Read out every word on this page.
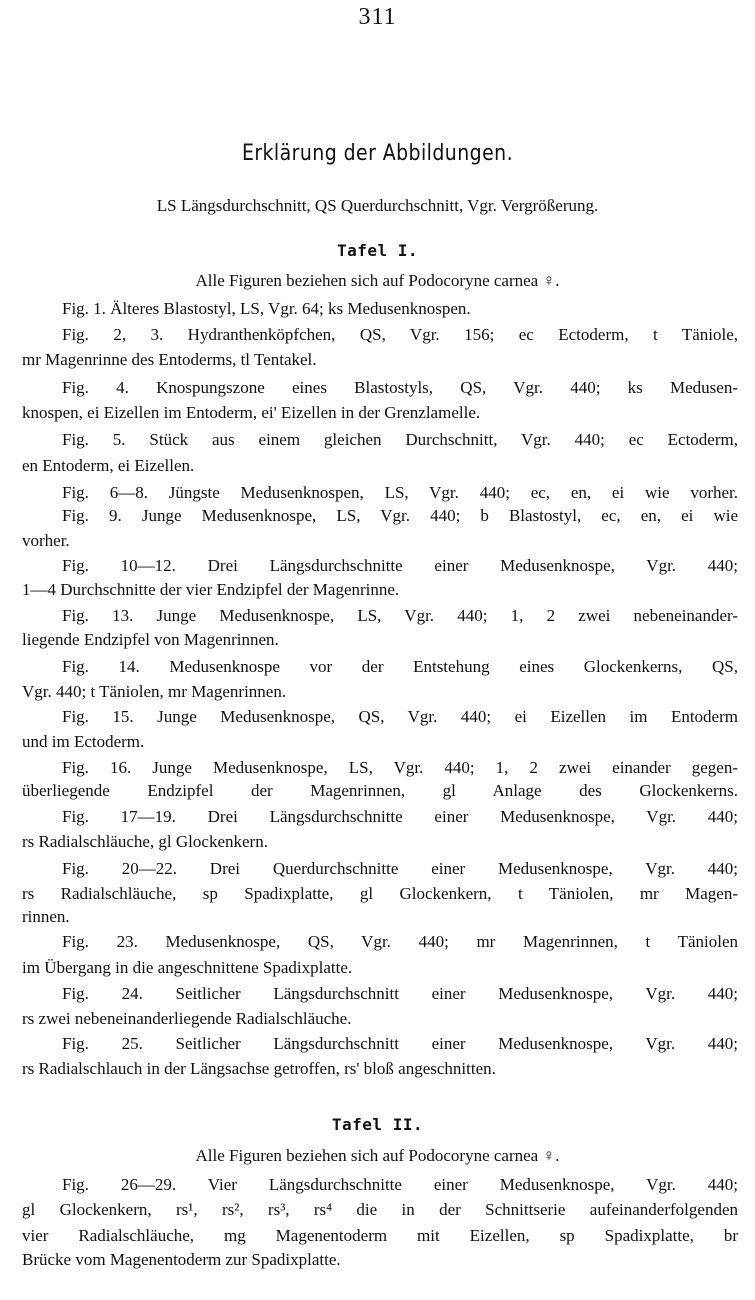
311
Erklärung der Abbildungen.
LS Längsdurchschnitt, QS Querdurchschnitt, Vgr. Vergrößerung.
Tafel I.
Alle Figuren beziehen sich auf Podocoryne carnea ♀.
Fig. 1. Älteres Blastostyl, LS, Vgr. 64; ks Medusenknospen.
Fig. 2, 3. Hydranthenköpfchen, QS, Vgr. 156; ec Ectoderm, t Täniole,
mr Magenrinne des Entoderms, tl Tentakel.
Fig. 4. Knospungszone eines Blastostyls, QS, Vgr. 440; ks Medusen-
knospen, ei Eizellen im Entoderm, ei' Eizellen in der Grenzlamelle.
Fig. 5. Stück aus einem gleichen Durchschnitt, Vgr. 440; ec Ectoderm,
en Entoderm, ei Eizellen.
Fig. 6—8. Jüngste Medusenknospen, LS, Vgr. 440; ec, en, ei wie vorher.
Fig. 9. Junge Medusenknospe, LS, Vgr. 440; b Blastostyl, ec, en, ei wie
vorher.
Fig. 10—12. Drei Längsdurchschnitte einer Medusenknospe, Vgr. 440;
1—4 Durchschnitte der vier Endzipfel der Magenrinne.
Fig. 13. Junge Medusenknospe, LS, Vgr. 440; 1, 2 zwei nebeneinander-
liegende Endzipfel von Magenrinnen.
Fig. 14. Medusenknospe vor der Entstehung eines Glockenkerns, QS,
Vgr. 440; t Täniolen, mr Magenrinnen.
Fig. 15. Junge Medusenknospe, QS, Vgr. 440; ei Eizellen im Entoderm
und im Ectoderm.
Fig. 16. Junge Medusenknospe, LS, Vgr. 440; 1, 2 zwei einander gegen-
überliegende Endzipfel der Magenrinnen, gl Anlage des Glockenkerns.
Fig. 17—19. Drei Längsdurchschnitte einer Medusenknospe, Vgr. 440;
rs Radialschläuche, gl Glockenkern.
Fig. 20—22. Drei Querdurchschnitte einer Medusenknospe, Vgr. 440;
rs Radialschläuche, sp Spadixplatte, gl Glockenkern, t Täniolen, mr Magen-
rinnen.
Fig. 23. Medusenknospe, QS, Vgr. 440; mr Magenrinnen, t Täniolen
im Übergang in die angeschnittene Spadixplatte.
Fig. 24. Seitlicher Längsdurchschnitt einer Medusenknospe, Vgr. 440;
rs zwei nebeneinanderliegende Radialschläuche.
Fig. 25. Seitlicher Längsdurchschnitt einer Medusenknospe, Vgr. 440;
rs Radialschlauch in der Längsachse getroffen, rs' bloß angeschnitten.
Tafel II.
Alle Figuren beziehen sich auf Podocoryne carnea ♀.
Fig. 26—29. Vier Längsdurchschnitte einer Medusenknospe, Vgr. 440;
gl Glockenkern, rs¹, rs², rs³, rs⁴ die in der Schnittserie aufeinanderfolgenden
vier Radialschläuche, mg Magenentoderm mit Eizellen, sp Spadixplatte, br
Brücke vom Magenentoderm zur Spadixplatte.
